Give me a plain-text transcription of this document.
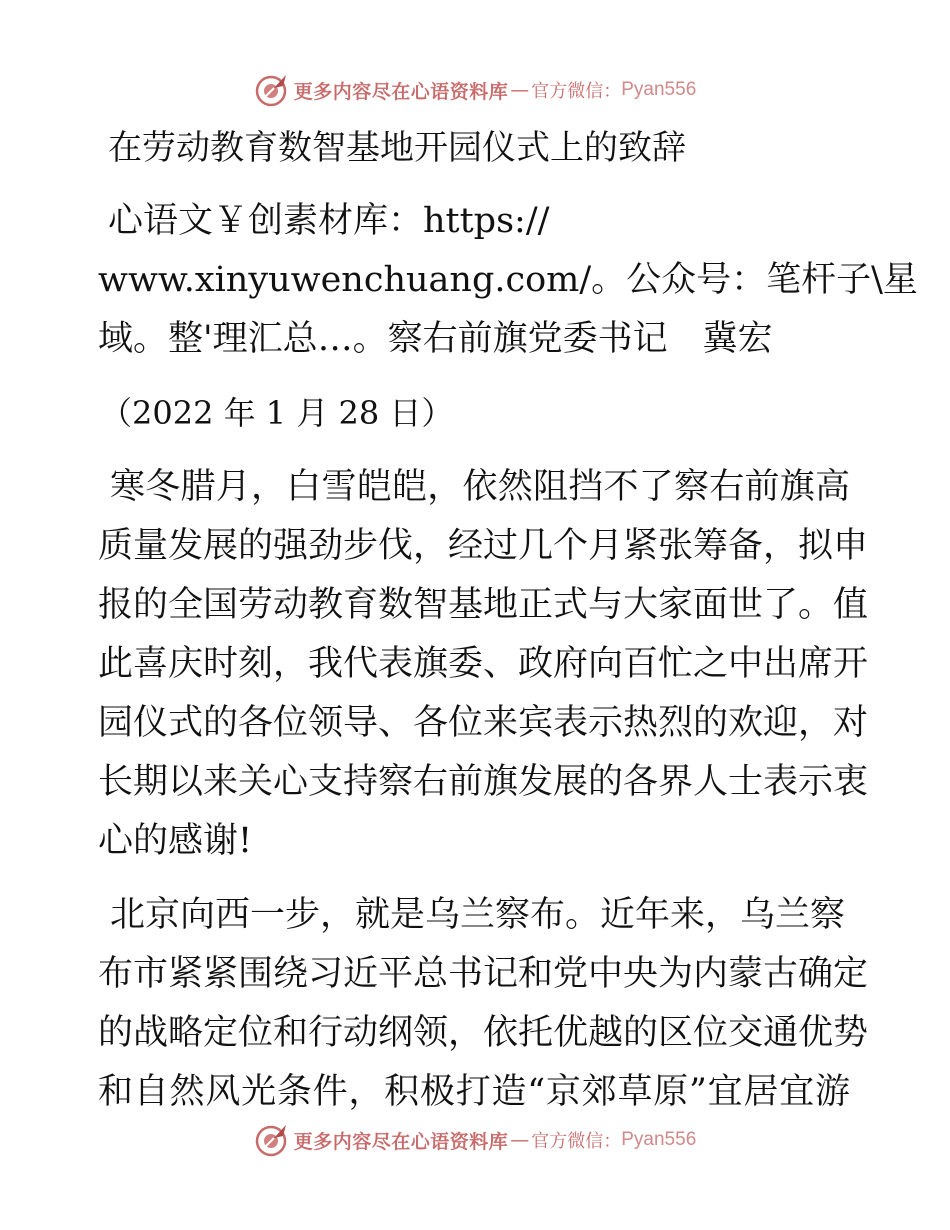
更多内容尽在心语资料库 — 官方微信： Pyan556
在劳动教育数智基地开园仪式上的致辞
心语文￥创素材库：https://
www.xinyuwenchuang.com/。公众号：笔杆子\星
域。整'理汇总…。察右前旗党委书记　冀宏
（2022 年 1 月 28 日）
寒冬腊月，白雪皑皑，依然阻挡不了察右前旗高
质量发展的强劲步伐，经过几个月紧张筹备，拟申
报的全国劳动教育数智基地正式与大家面世了。值
此喜庆时刻，我代表旗委、政府向百忙之中出席开
园仪式的各位领导、各位来宾表示热烈的欢迎，对
长期以来关心支持察右前旗发展的各界人士表示衷
心的感谢!
北京向西一步，就是乌兰察布。近年来，乌兰察
布市紧紧围绕习近平总书记和党中央为内蒙古确定
的战略定位和行动纲领，依托优越的区位交通优势
和自然风光条件，积极打造“京郊草原”宜居宜游
更多内容尽在心语资料库 — 官方微信： Pyan556
